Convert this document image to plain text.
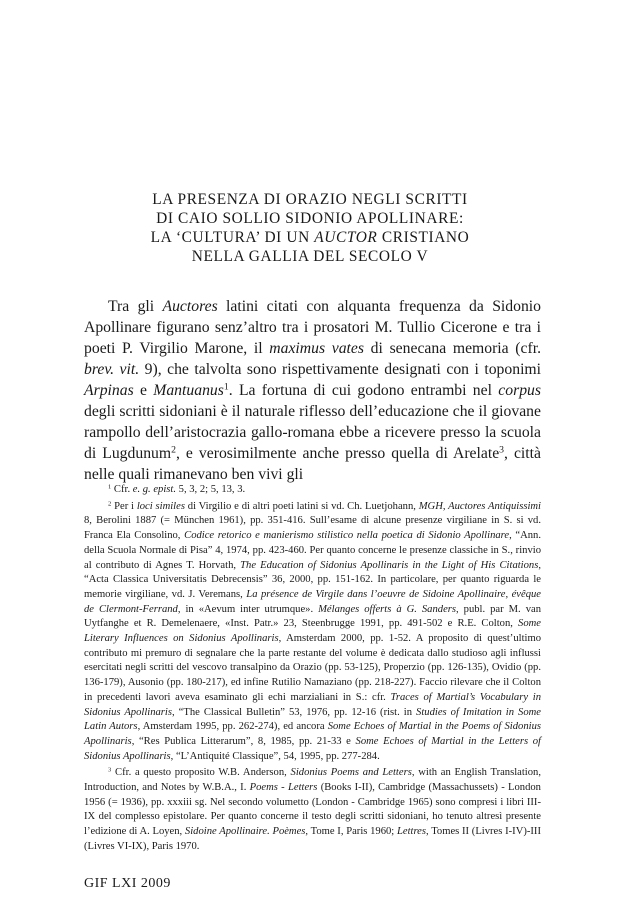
LA PRESENZA DI ORAZIO NEGLI SCRITTI
DI CAIO SOLLIO SIDONIO APOLLINARE:
LA ‘CULTURA’ DI UN AUCTOR CRISTIANO
NELLA GALLIA DEL SECOLO V
Tra gli Auctores latini citati con alquanta frequenza da Sidonio Apollinare figurano senz’altro tra i prosatori M. Tullio Cicerone e tra i poeti P. Virgilio Marone, il maximus vates di senecana memoria (cfr. brev. vit. 9), che talvolta sono rispettivamente designati con i toponimi Arpinas e Mantuanus$^1$. La fortuna di cui godono entrambi nel corpus degli scritti sidoniani è il naturale riflesso dell’educazione che il giovane rampollo dell’aristocrazia gallo-romana ebbe a ricevere presso la scuola di Lugdunum$^2$, e verosimilmente anche presso quella di Arelate$^3$, città nelle quali rimanevano ben vivi gli

$^1$ Cfr. e. g. epist. 5, 3, 2; 5, 13, 3.

$^2$ Per i loci similes di Virgilio e di altri poeti latini si vd. Ch. Luetjohann, MGH, Auctores Antiquissimi 8, Berolini 1887 (= München 1961), pp. 351-416. Sull’esame di alcune presenze virgiliane in S. si vd. Franca Ela Consolino, Codice retorico e manierismo stilistico nella poetica di Sidonio Apollinare, “Ann. della Scuola Normale di Pisa” 4, 1974, pp. 423-460. Per quanto concerne le presenze classiche in S., rinvio al contributo di Agnes T. Horvath, The Education of Sidonius Apollinaris in the Light of His Citations, “Acta Classica Universitatis Debrecensis” 36, 2000, pp. 151-162. In particolare, per quanto riguarda le memorie virgiliane, vd. J. Veremans, La présence de Virgile dans l’oeuvre de Sidoine Apollinaire, évêque de Clermont-Ferrand, in «Aevum inter utrumque». Mélanges offerts à G. Sanders, publ. par M. van Uytfanghe et R. Demelenaere, «Inst. Patr.» 23, Steenbrugge 1991, pp. 491-502 e R.E. Colton, Some Literary Influences on Sidonius Apollinaris, Amsterdam 2000, pp. 1-52. A proposito di quest’ultimo contributo mi premuro di segnalare che la parte restante del volume è dedicata dallo studioso agli influssi esercitati negli scritti del vescovo transalpino da Orazio (pp. 53-125), Properzio (pp. 126-135), Ovidio (pp. 136-179), Ausonio (pp. 180-217), ed infine Rutilio Namaziano (pp. 218-227). Faccio rilevare che il Colton in precedenti lavori aveva esaminato gli echi marzialiani in S.: cfr. Traces of Martial’s Vocabulary in Sidonius Apollinaris, “The Classical Bulletin” 53, 1976, pp. 12-16 (rist. in Studies of Imitation in Some Latin Autors, Amsterdam 1995, pp. 262-274), ed ancora Some Echoes of Martial in the Poems of Sidonius Apollinaris, “Res Publica Litterarum”, 8, 1985, pp. 21-33 e Some Echoes of Martial in the Letters of Sidonius Apollinaris, “L’Antiquité Classique”, 54, 1995, pp. 277-284.

$^3$ Cfr. a questo proposito W.B. Anderson, Sidonius Poems and Letters, with an English Translation, Introduction, and Notes by W.B.A., I. Poems - Letters (Books I-II), Cambridge (Massachussets) - London 1956 (= 1936), pp. xxxiii sg. Nel secondo volumetto (London - Cambridge 1965) sono compresi i libri III-IX del complesso epistolare. Per quanto concerne il testo degli scritti sidoniani, ho tenuto altresì presente l’edizione di A. Loyen, Sidoine Apollinaire. Poèmes, Tome I, Paris 1960; Lettres, Tomes II (Livres I-IV)-III (Livres VI-IX), Paris 1970.

GIF LXI 2009
